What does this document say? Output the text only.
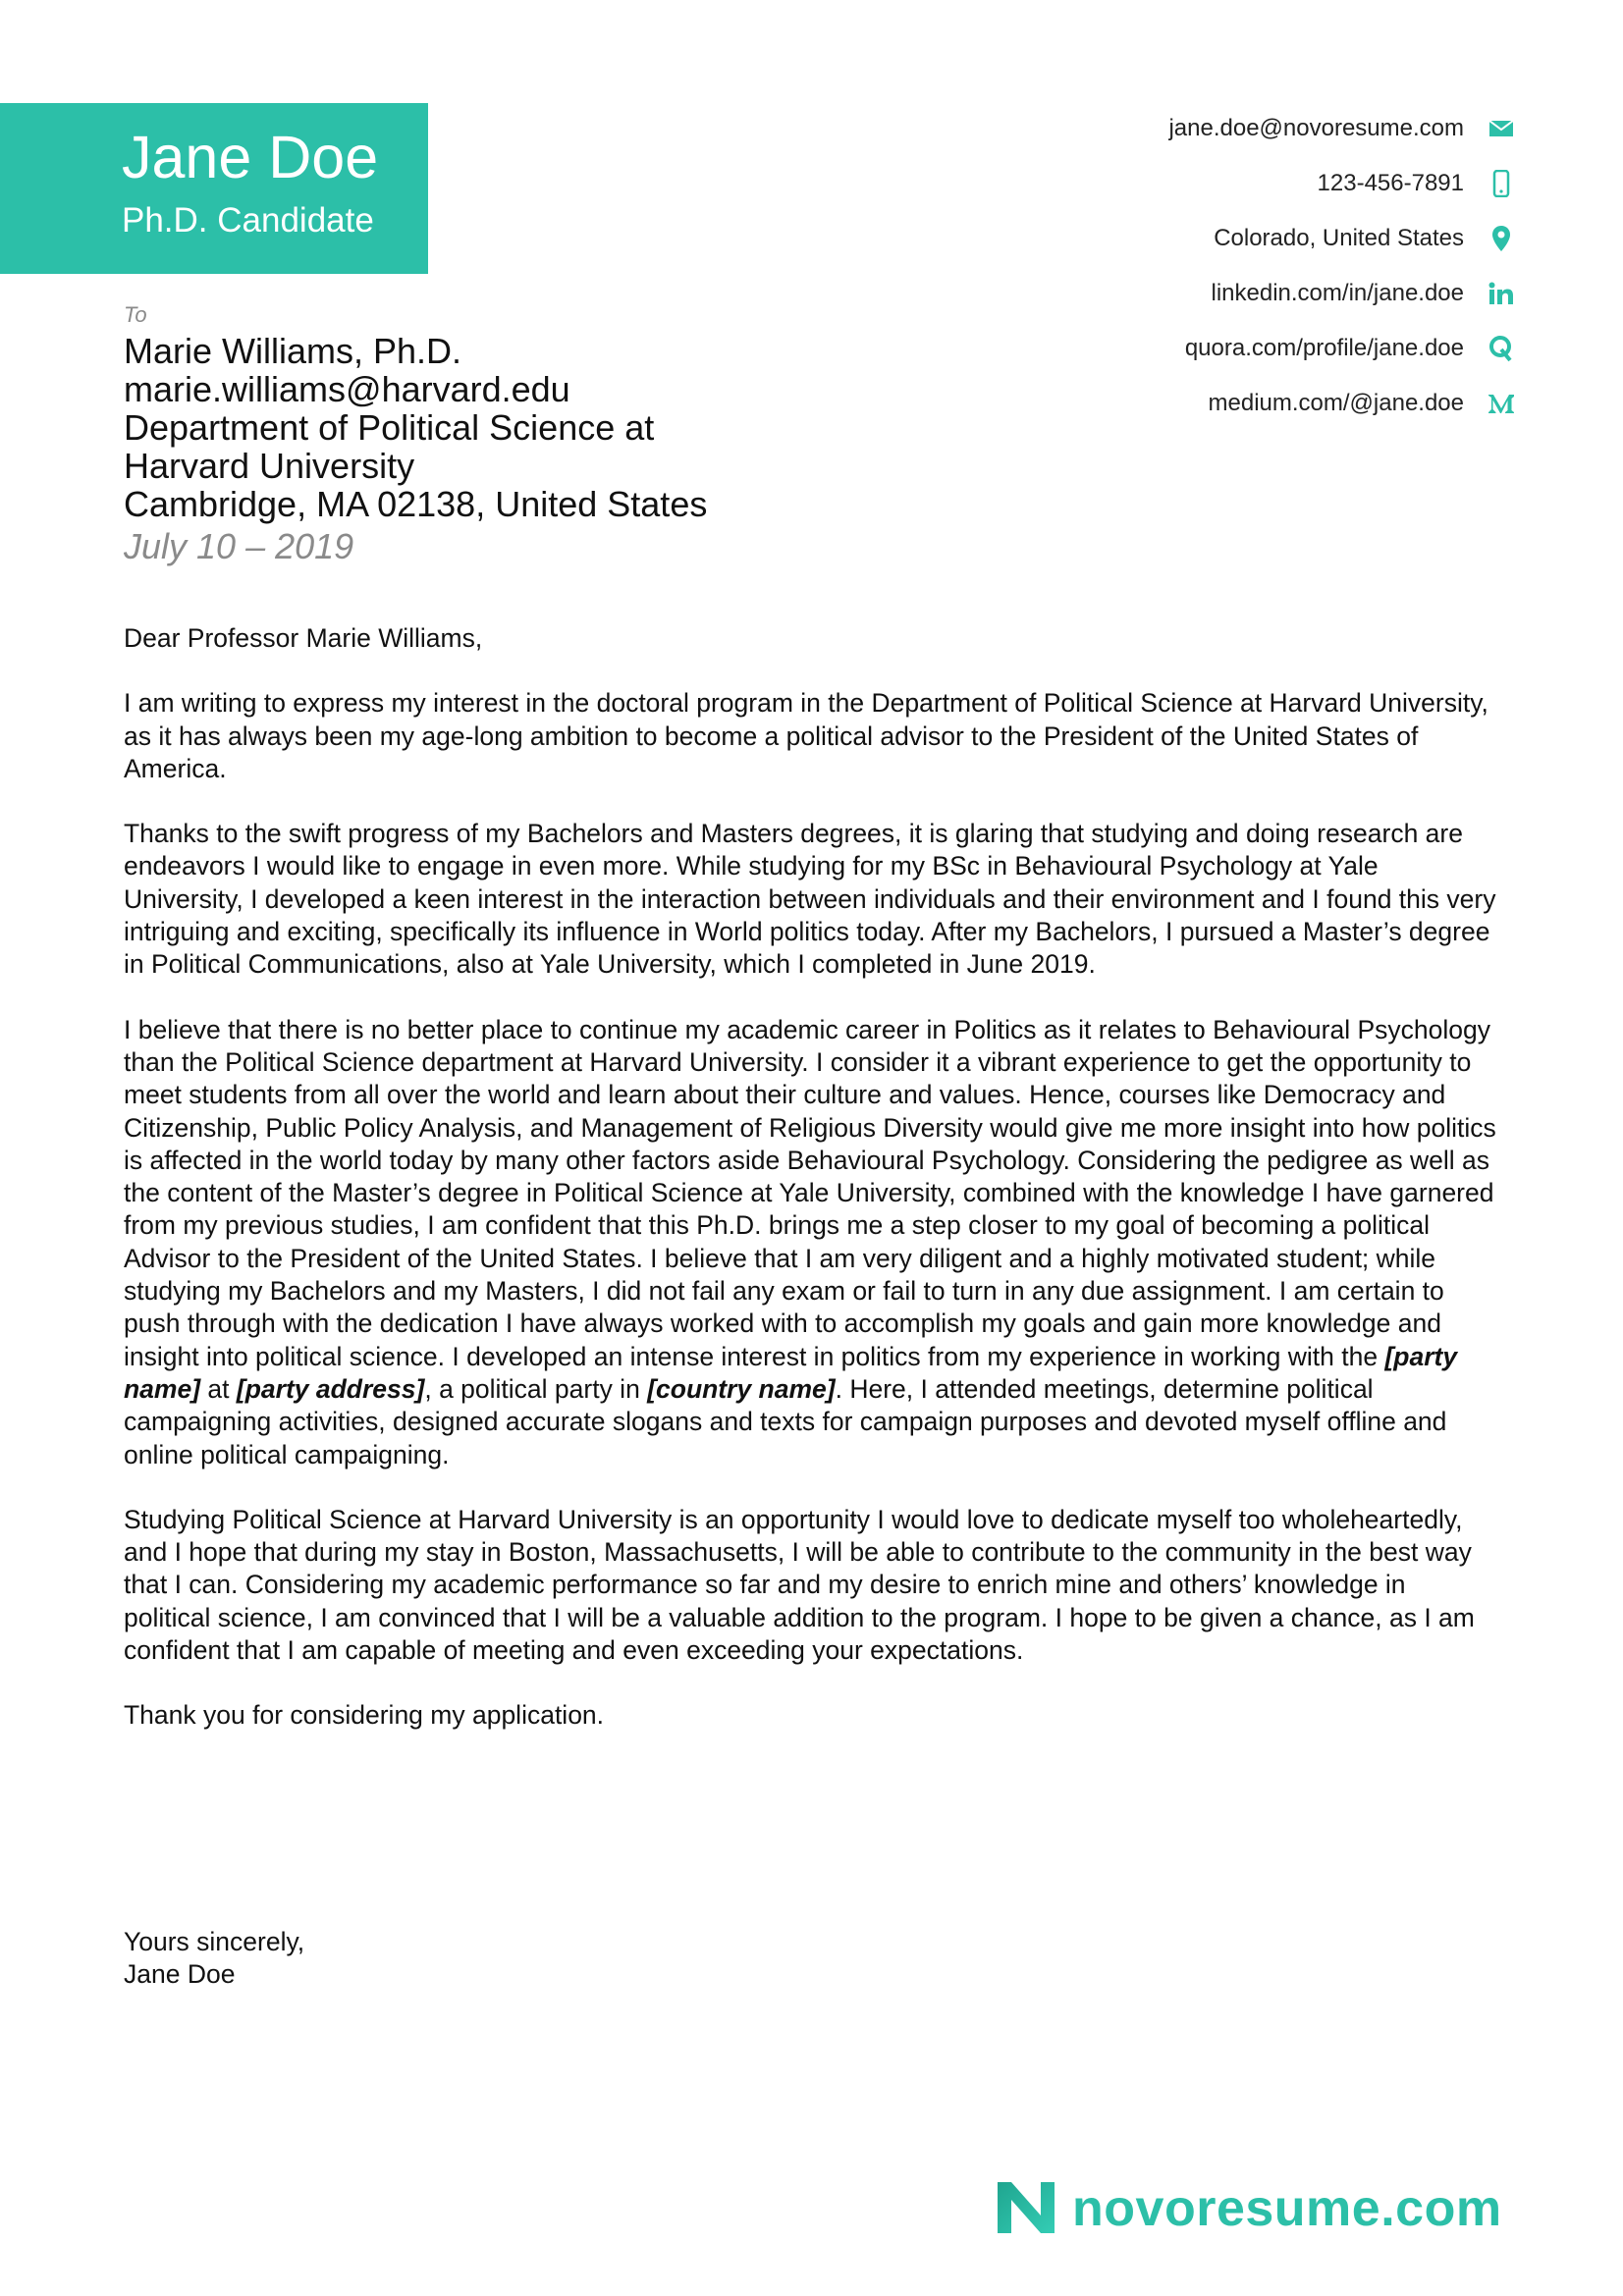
Jane Doe
Ph.D. Candidate
jane.doe@novoresume.com
123-456-7891
Colorado, United States
linkedin.com/in/jane.doe
quora.com/profile/jane.doe
medium.com/@jane.doe
To
Marie Williams, Ph.D.
marie.williams@harvard.edu
Department of Political Science at
Harvard University
Cambridge, MA 02138, United States
July 10 – 2019

Dear Professor Marie Williams,

I am writing to express my interest in the doctoral program in the Department of Political Science at Harvard University, as it has always been my age-long ambition to become a political advisor to the President of the United States of America.

Thanks to the swift progress of my Bachelors and Masters degrees, it is glaring that studying and doing research are endeavors I would like to engage in even more. While studying for my BSc in Behavioural Psychology at Yale University, I developed a keen interest in the interaction between individuals and their environment and I found this very intriguing and exciting, specifically its influence in World politics today. After my Bachelors, I pursued a Master’s degree in Political Communications, also at Yale University, which I completed in June 2019.

I believe that there is no better place to continue my academic career in Politics as it relates to Behavioural Psychology than the Political Science department at Harvard University. I consider it a vibrant experience to get the opportunity to meet students from all over the world and learn about their culture and values. Hence, courses like Democracy and Citizenship, Public Policy Analysis, and Management of Religious Diversity would give me more insight into how politics is affected in the world today by many other factors aside Behavioural Psychology. Considering the pedigree as well as the content of the Master’s degree in Political Science at Yale University, combined with the knowledge I have garnered from my previous studies, I am confident that this Ph.D. brings me a step closer to my goal of becoming a political Advisor to the President of the United States. I believe that I am very diligent and a highly motivated student; while studying my Bachelors and my Masters, I did not fail any exam or fail to turn in any due assignment. I am certain to push through with the dedication I have always worked with to accomplish my goals and gain more knowledge and insight into political science. I developed an intense interest in politics from my experience in working with the [party name] at [party address], a political party in [country name]. Here, I attended meetings, determine political campaigning activities, designed accurate slogans and texts for campaign purposes and devoted myself offline and online political campaigning.

Studying Political Science at Harvard University is an opportunity I would love to dedicate myself too wholeheartedly, and I hope that during my stay in Boston, Massachusetts, I will be able to contribute to the community in the best way that I can. Considering my academic performance so far and my desire to enrich mine and others’ knowledge in political science, I am convinced that I will be a valuable addition to the program. I hope to be given a chance, as I am confident that I am capable of meeting and even exceeding your expectations.

Thank you for considering my application.

Yours sincerely,
Jane Doe
novoresume.com
